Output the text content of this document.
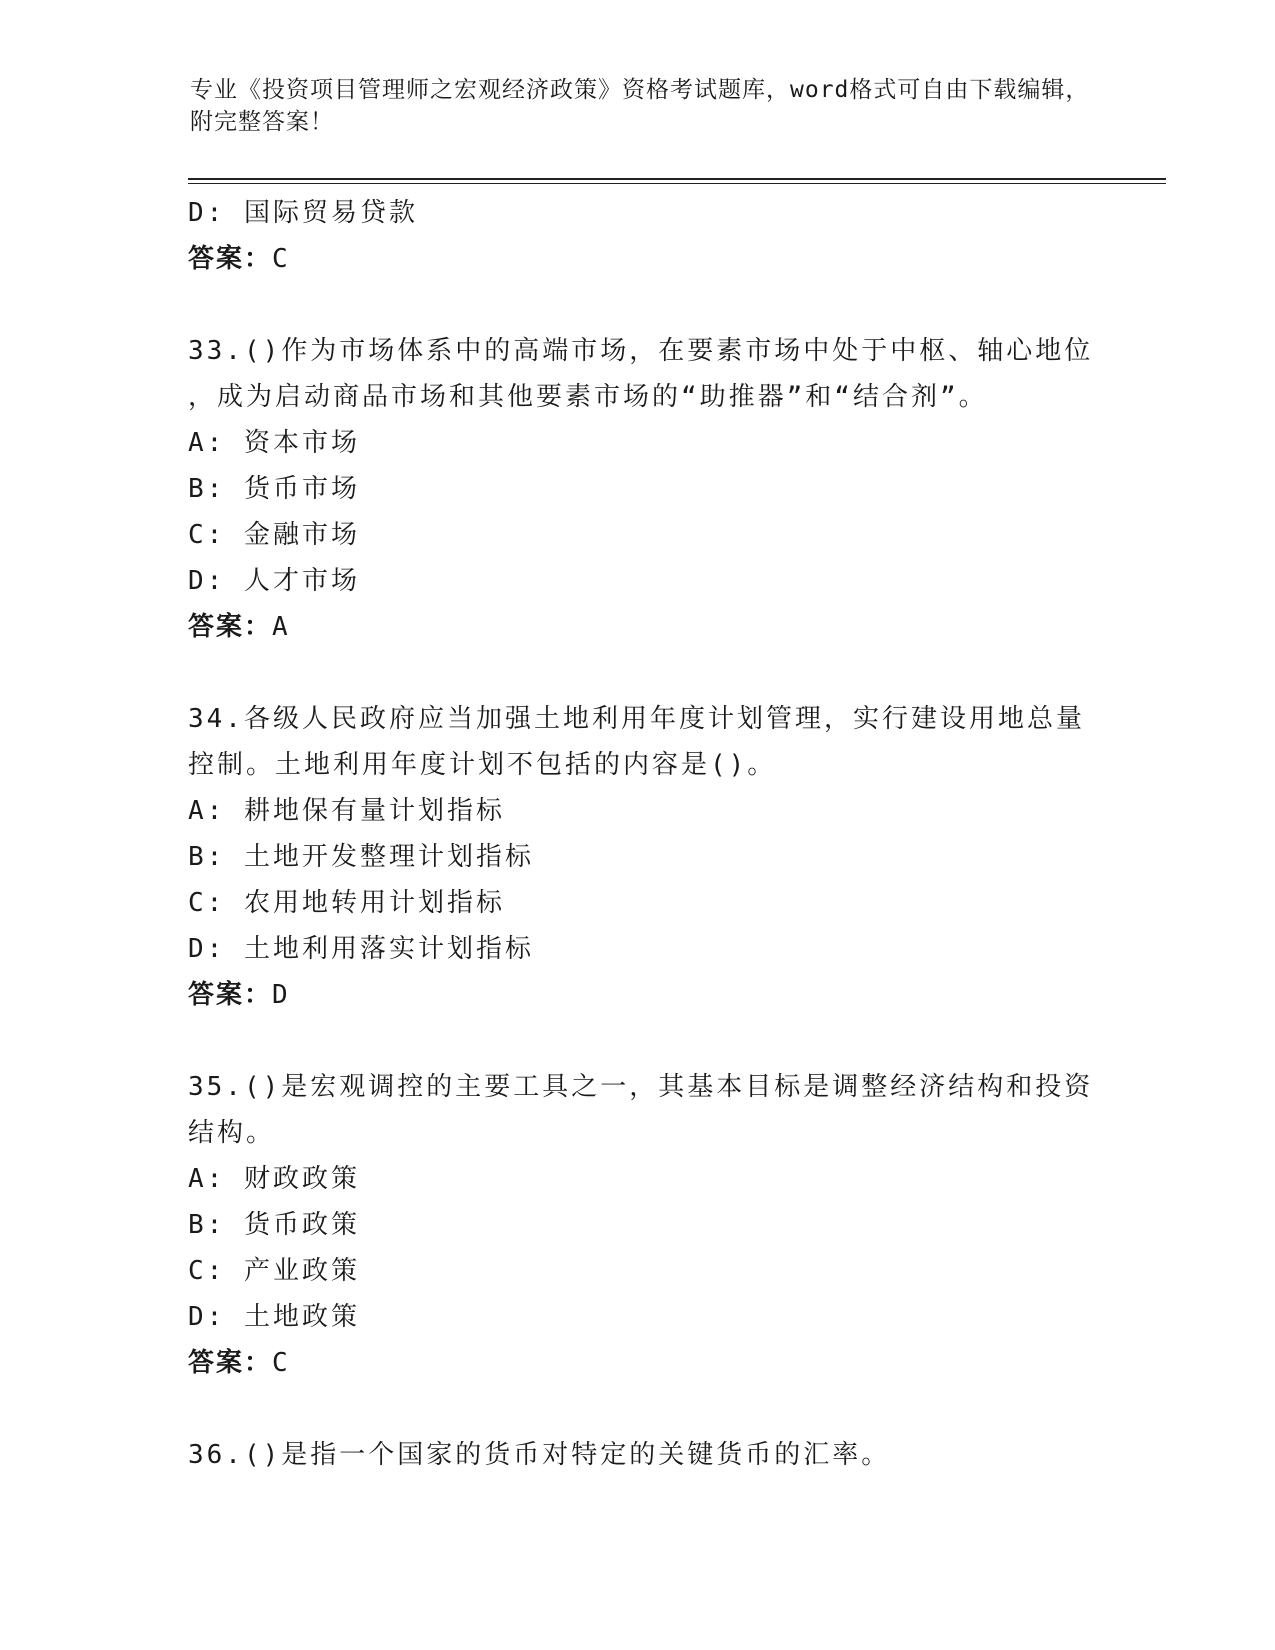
专业《投资项目管理师之宏观经济政策》资格考试题库，word格式可自由下载编辑，附完整答案！
D: 国际贸易贷款
答案：C
33.()作为市场体系中的高端市场，在要素市场中处于中枢、轴心地位
，成为启动商品市场和其他要素市场的“助推器”和“结合剂”。
A: 资本市场
B: 货币市场
C: 金融市场
D: 人才市场
答案：A
34.各级人民政府应当加强土地利用年度计划管理，实行建设用地总量
控制。土地利用年度计划不包括的内容是()。
A: 耕地保有量计划指标
B: 土地开发整理计划指标
C: 农用地转用计划指标
D: 土地利用落实计划指标
答案：D
35.()是宏观调控的主要工具之一，其基本目标是调整经济结构和投资
结构。
A: 财政政策
B: 货币政策
C: 产业政策
D: 土地政策
答案：C
36.()是指一个国家的货币对特定的关键货币的汇率。
